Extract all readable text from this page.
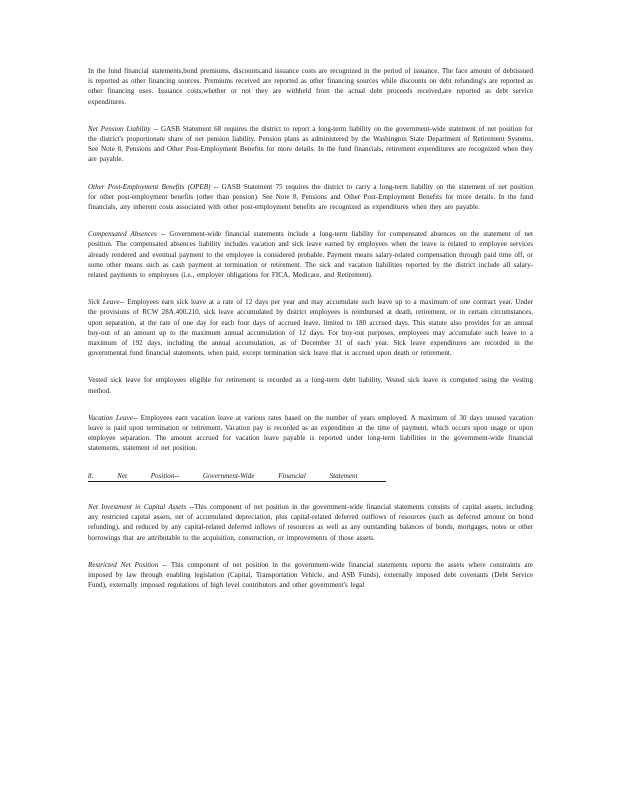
In the fund financial statements,bond premiums, discounts,and issuance costs are recognized in the period of issuance. The face amount of debtissued is reported as other financing sources. Premiums received are reported as other financing sources while discounts on debt refunding's are reported as other financing uses. Issuance costs,whether or not they are withheld from the actual debt proceeds received,are reported as debt service expenditures.

Net Pension Liability -- GASB Statement 68 requires the district to report a long-term liability on the government-wide statement of net position for the district's proportionate share of net pension liability. Pension plans as administered by the Washington State Department of Retirement Systems. See Note 8, Pensions and Other Post-Employment Benefits for more details. In the fund financials, retirement expenditures are recognized when they are payable.

Other Post-Employment Benefits (OPEB) -- GASB Statement 75 requires the district to carry a long-term liability on the statement of net position for other post-employment benefits (other than pension). See Note 8, Pensions and Other Post-Employment Benefits for more details. In the fund financials, any inherent costs associated with other post-employment benefits are recognized as expenditures when they are payable.

Compensated Absences -- Government-wide financial statements include a long-term liability for compensated absences on the statement of net position. The compensated absences liability includes vacation and sick leave earned by employees when the leave is related to employee services already rendered and eventual payment to the employee is considered probable. Payment means salary-related compensation through paid time off, or some other means such as cash payment at termination or retirement. The sick and vacation liabilities reported by the district include all salary-related payments to employees (i.e., employer obligations for FICA, Medicare, and Retirement).

Sick Leave-- Employees earn sick leave at a rate of 12 days per year and may accumulate such leave up to a maximum of one contract year. Under the provisions of RCW 28A.400.210, sick leave accumulated by district employees is reimbursed at death, retirement, or in certain circumstances, upon separation, at the rate of one day for each four days of accrued leave, limited to 180 accrued days. This statute also provides for an annual buy-out of an amount up to the maximum annual accumulation of 12 days. For buy-out purposes, employees may accumulate such leave to a maximum of 192 days, including the annual accumulation, as of December 31 of each year. Sick leave expenditures are recorded in the governmental fund financial statements, when paid, except termination sick leave that is accrued upon death or retirement.

Vested sick leave for employees eligible for retirement is recorded as a long-term debt liability. Vested sick leave is computed using the vesting method.

Vacation Leave-- Employees earn vacation leave at various rates based on the number of years employed. A maximum of 30 days unused vacation leave is paid upon termination or retirement. Vacation pay is recorded as an expenditure at the time of payment, which occurs upon usage or upon employee separation. The amount accrued for vacation leave payable is reported under long-term liabilities in the government-wide financial statements, statement of net position.

8. Net Position-- Government-Wide Financial Statement

Net Investment in Capital Assets --This component of net position in the government-wide financial statements consists of capital assets, including any restricted capital assets, net of accumulated depreciation, plus capital-related deferred outflows of resources (such as deferred amount on bond refunding), and reduced by any capital-related deferred inflows of resources as well as any outstanding balances of bonds, mortgages, notes or other borrowings that are attributable to the acquisition, construction, or improvements of those assets.

Restricted Net Position -- This component of net position in the government-wide financial statements reports the assets where constraints are imposed by law through enabling legislation (Capital, Transportation Vehicle, and ASB Funds), externally imposed debt covenants (Debt Service Fund), externally imposed regulations of high level contributors and other government's legal
